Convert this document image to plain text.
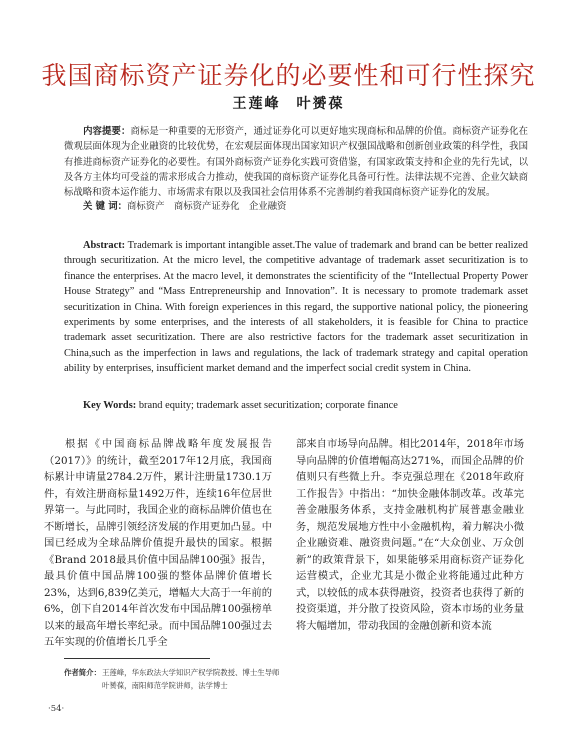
我国商标资产证券化的必要性和可行性探究
王莲峰　叶赟葆
内容提要：商标是一种重要的无形资产，通过证券化可以更好地实现商标和品牌的价值。商标资产证券化在微观层面体现为企业融资的比较优势，在宏观层面体现出国家知识产权强国战略和创新创业政策的科学性，我国有推进商标资产证券化的必要性。有国外商标资产证券化实践可资借鉴，有国家政策支持和企业的先行先试，以及各方主体均可受益的需求形成合力推动，使我国的商标资产证券化具备可行性。法律法规不完善、企业欠缺商标战略和资本运作能力、市场需求有限以及我国社会信用体系不完善制约着我国商标资产证券化的发展。
关 键 词：商标资产　商标资产证券化　企业融资
Abstract: Trademark is important intangible asset.The value of trademark and brand can be better realized through securitization. At the micro level, the competitive advantage of trademark asset securitization is to finance the enterprises. At the macro level, it demonstrates the scientificity of the “Intellectual Property Power House Strategy” and “Mass Entrepreneurship and Innovation”. It is necessary to promote trademark asset securitization in China. With foreign experiences in this regard, the supportive national policy, the pioneering experiments by some enterprises, and the interests of all stakeholders, it is feasible for China to practice trademark asset securitization. There are also restrictive factors for the trademark asset securitization in China,such as the imperfection in laws and regulations, the lack of trademark strategy and capital operation ability by enterprises, insufficient market demand and the imperfect social credit system in China.
Key Words: brand equity; trademark asset securitization; corporate finance
根据《中国商标品牌战略年度发展报告（2017）》的统计，截至2017年12月底，我国商标累计申请量2784.2万件，累计注册量1730.1万件，有效注册商标量1492万件，连续16年位居世界第一。与此同时，我国企业的商标品牌价值也在不断增长，品牌引领经济发展的作用更加凸显。中国已经成为全球品牌价值提升最快的国家。根据《Brand 2018最具价值中国品牌100强》报告，最具价值中国品牌100强的整体品牌价值增长23%，达到6,839亿美元，增幅大大高于一年前的6%，创下自2014年首次发布中国品牌100强榜单以来的最高年增长率纪录。而中国品牌100强过去五年实现的价值增长几乎全
部来自市场导向品牌。相比2014年，2018年市场导向品牌的价值增幅高达271%，而国企品牌的价值则只有些微上升。李克强总理在《2018年政府工作报告》中指出：“加快金融体制改革。改革完善金融服务体系，支持金融机构扩展普惠金融业务，规范发展地方性中小金融机构，着力解决小微企业融资难、融资贵问题。”在“大众创业、万众创新”的政策背景下，如果能够采用商标资产证券化运营模式，企业尤其是小微企业将能通过此种方式，以较低的成本获得融资，投资者也获得了新的投资渠道，并分散了投资风险，资本市场的业务量将大幅增加，带动我国的金融创新和资本流
作者简介： 王莲峰，华东政法大学知识产权学院教授、博士生导师
叶赟葆，南阳师范学院讲师，法学博士
·54·
